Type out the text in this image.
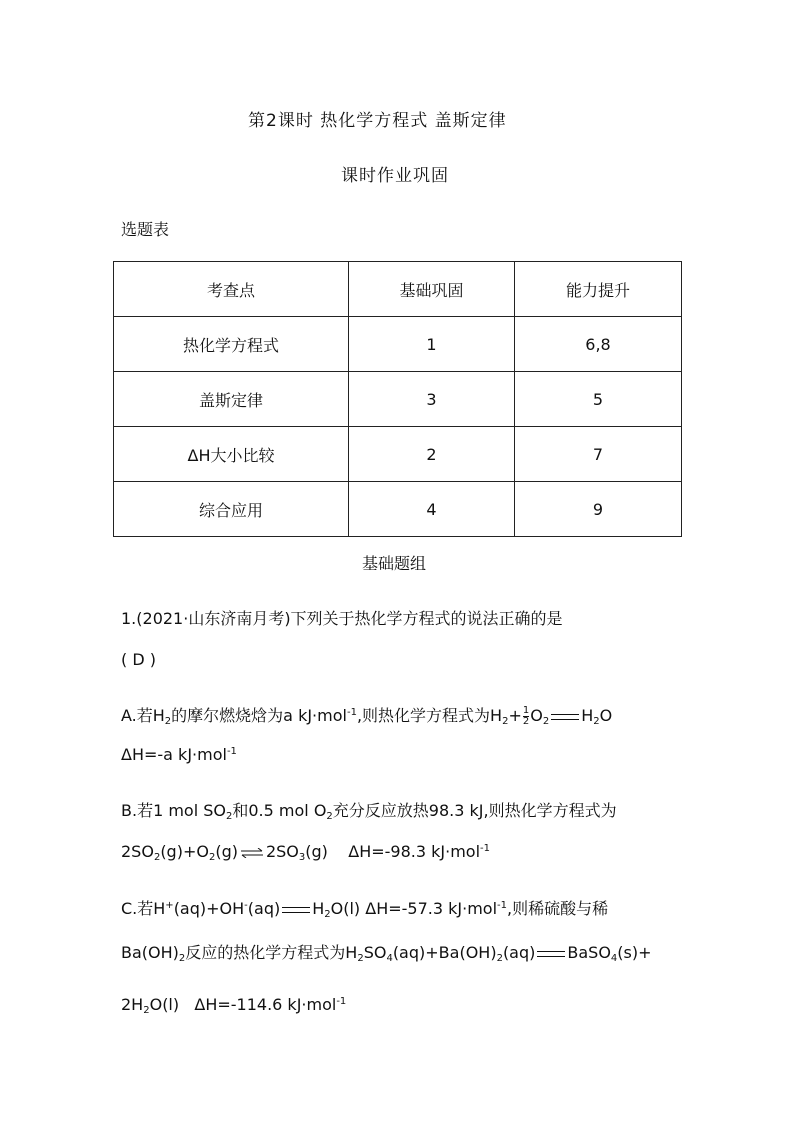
第2课时 热化学方程式 盖斯定律
课时作业巩固
选题表
考查点	基础巩固	能力提升
热化学方程式	1	6,8
盖斯定律	3	5
ΔH大小比较	2	7
综合应用	4	9
基础题组
1.(2021·山东济南月考)下列关于热化学方程式的说法正确的是
( D )
A.若$H_2$的摩尔燃烧焓为a kJ·mol$^{-1}$,则热化学方程式为$H_2+ \frac{1}{2} O_2$ $H_2O$
ΔH=-a kJ·mol$^{-1}$
B.若1 mol $SO_2$和0.5 mol $O_2$充分反应放热98.3 kJ,则热化学方程式为
$2SO_2(g)+O_2(g)$ ⇌ $2SO_3(g)$    ΔH=-98.3 kJ·mol$^{-1}$
C.若H+(aq)+OH-(aq) $H_2O(l)$ ΔH=-57.3 kJ·mol$^{-1}$,则稀硫酸与稀
$Ba(OH)_2$反应的热化学方程式为$H_2SO_4(aq)+Ba(OH)_2(aq)$ BaSO$_4$(s)+
$2H_2O(l)$   ΔH=-114.6 kJ·mol$^{-1}$
